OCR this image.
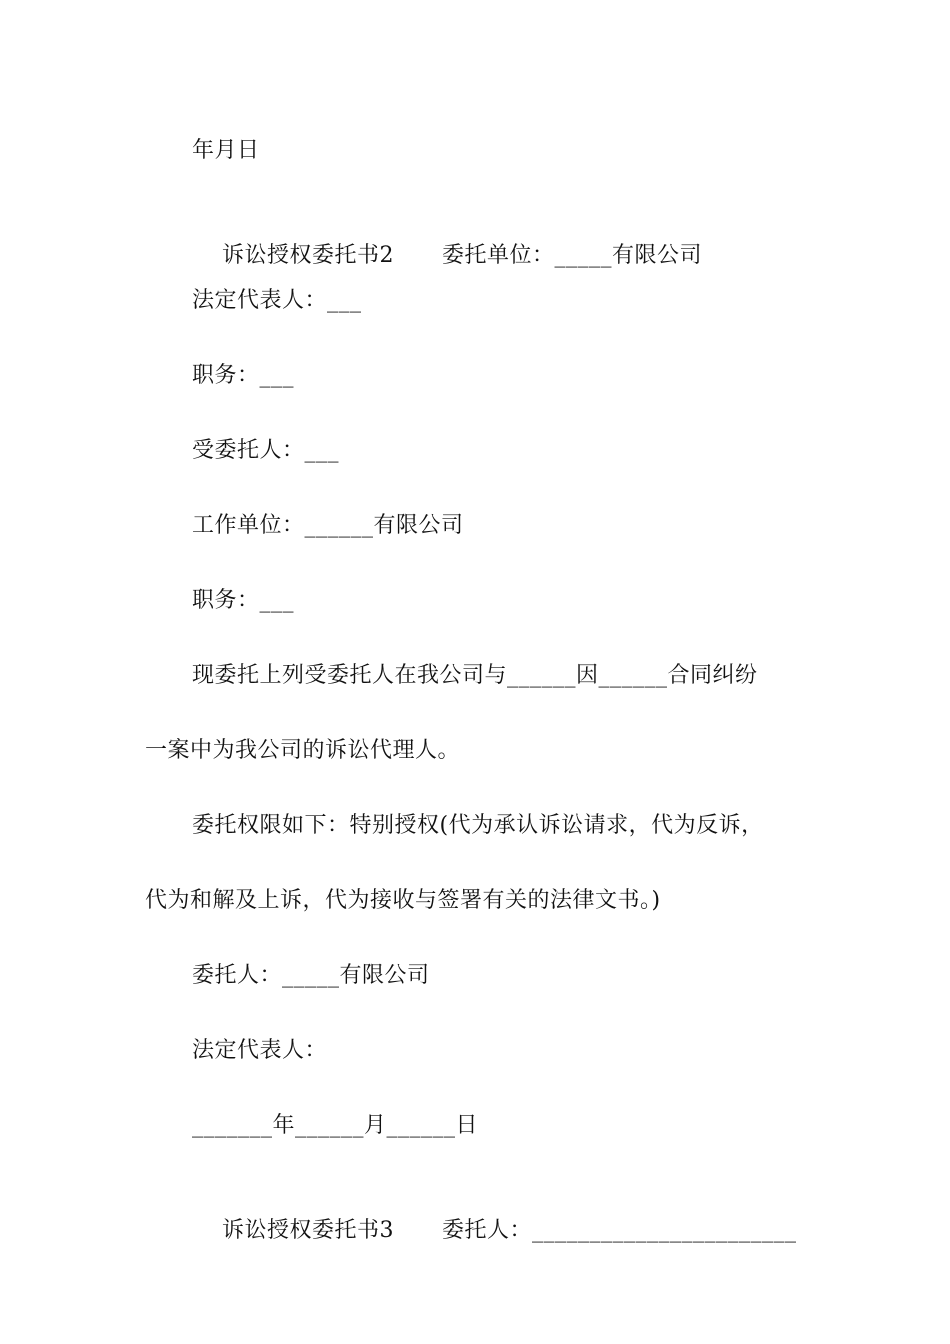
年月日

诉讼授权委托书2 委托单位：_____有限公司

法定代表人：___
职务：___
受委托人：___
工作单位：______有限公司
职务：___
现委托上列受委托人在我公司与______因______合同纠纷
一案中为我公司的诉讼代理人。
委托权限如下：特别授权(代为承认诉讼请求，代为反诉，
代为和解及上诉，代为接收与签署有关的法律文书。)
委托人：_____有限公司
法定代表人：
_______年______月______日

诉讼授权委托书3 委托人：_______________________
